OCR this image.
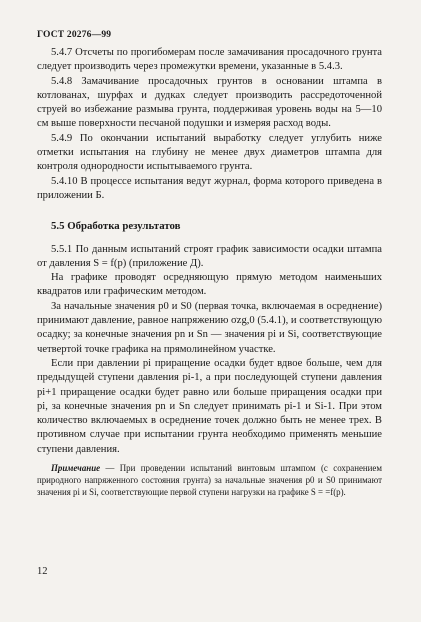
ГОСТ 20276—99

5.4.7 Отсчеты по прогибомерам после замачивания просадочного грунта следует производить через промежутки времени, указанные в 5.4.3.

5.4.8 Замачивание просадочных грунтов в основании штампа в котлованах, шурфах и дудках следует производить рассредоточенной струей во избежание размыва грунта, поддерживая уровень воды на 5—10 см выше поверхности песчаной подушки и измеряя расход воды.

5.4.9 По окончании испытаний выработку следует углубить ниже отметки испытания на глубину не менее двух диаметров штампа для контроля однородности испытываемого грунта.

5.4.10 В процессе испытания ведут журнал, форма которого приведена в приложении Б.

5.5 Обработка результатов

5.5.1 По данным испытаний строят график зависимости осадки штампа от давления S = f(p) (приложение Д).

На графике проводят осредняющую прямую методом наименьших квадратов или графическим методом.

За начальные значения p0 и S0 (первая точка, включаемая в осреднение) принимают давление, равное напряжению σzg,0 (5.4.1), и соответствующую осадку; за конечные значения pn и Sn — значения pi и Si, соответствующие четвертой точке графика на прямолинейном участке.

Если при давлении pi приращение осадки будет вдвое больше, чем для предыдущей ступени давления pi-1, а при последующей ступени давления pi+1 приращение осадки будет равно или больше приращения осадки при pi, за конечные значения pn и Sn следует принимать pi-1 и Si-1. При этом количество включаемых в осреднение точек должно быть не менее трех. В противном случае при испытании грунта необходимо применять меньшие ступени давления.

Примечание — При проведении испытаний винтовым штампом (с сохранением природного напряженного состояния грунта) за начальные значения p0 и S0 принимают значения pi и Si, соответствующие первой ступени нагрузки на графике S = =f(p).
12
